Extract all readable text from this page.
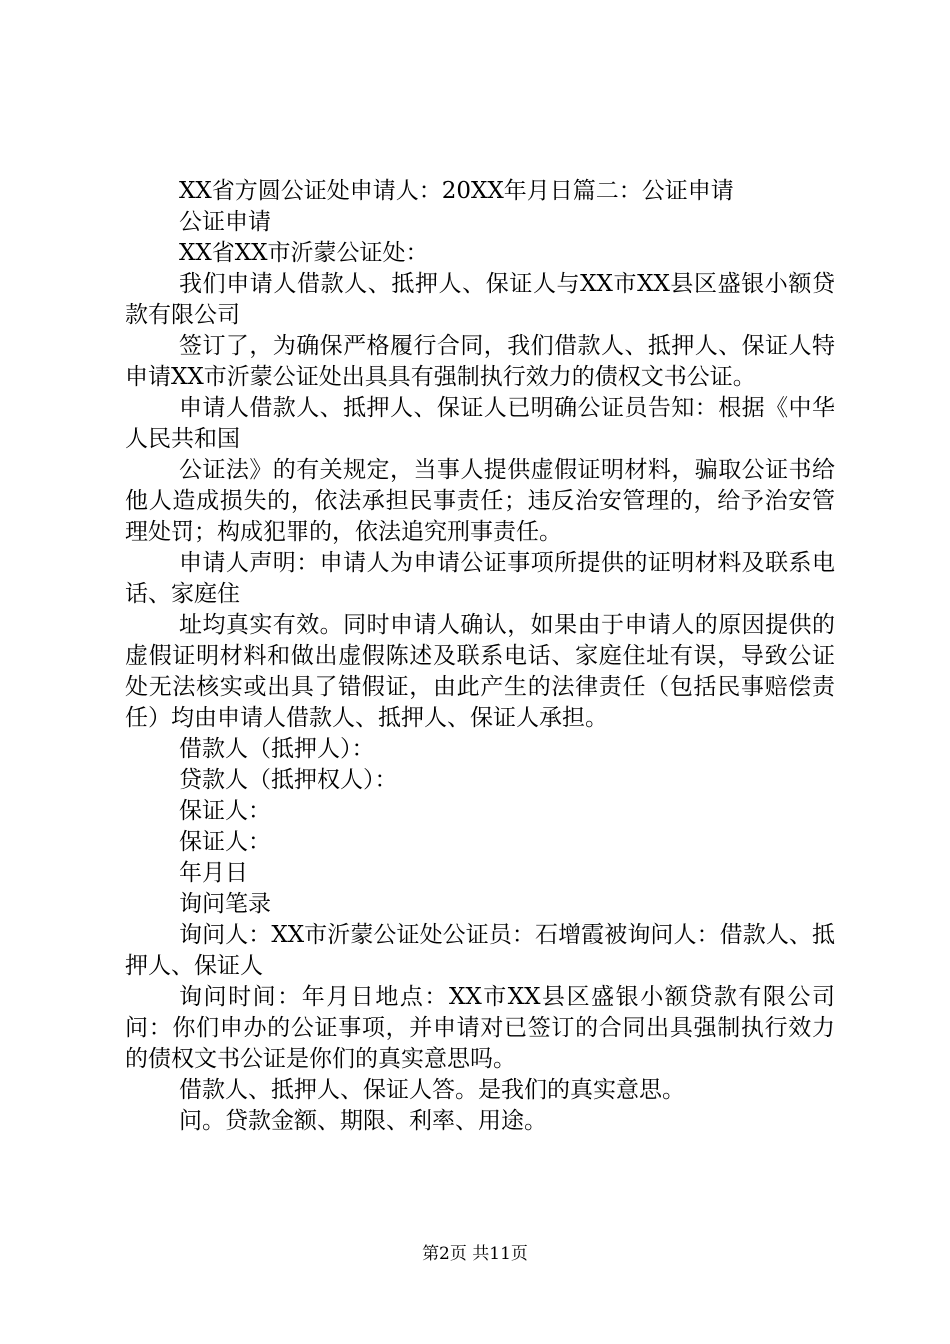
XX省方圆公证处申请人：20XX年月日篇二：公证申请

公证申请

XX省XX市沂蒙公证处：

我们申请人借款人、抵押人、保证人与XX市XX县区盛银小额贷款有限公司

签订了，为确保严格履行合同，我们借款人、抵押人、保证人特申请XX市沂蒙公证处出具具有强制执行效力的债权文书公证。

申请人借款人、抵押人、保证人已明确公证员告知：根据《中华人民共和国

公证法》的有关规定，当事人提供虚假证明材料，骗取公证书给他人造成损失的，依法承担民事责任；违反治安管理的，给予治安管理处罚；构成犯罪的，依法追究刑事责任。

申请人声明：申请人为申请公证事项所提供的证明材料及联系电话、家庭住

址均真实有效。同时申请人确认，如果由于申请人的原因提供的虚假证明材料和做出虚假陈述及联系电话、家庭住址有误，导致公证处无法核实或出具了错假证，由此产生的法律责任（包括民事赔偿责任）均由申请人借款人、抵押人、保证人承担。

借款人（抵押人）：

贷款人（抵押权人）：

保证人：

保证人：

年月日

询问笔录

询问人：XX市沂蒙公证处公证员：石增霞被询问人：借款人、抵押人、保证人

询问时间：年月日地点：XX市XX县区盛银小额贷款有限公司问：你们申办的公证事项，并申请对已签订的合同出具强制执行效力的债权文书公证是你们的真实意思吗。

借款人、抵押人、保证人答。是我们的真实意思。

问。贷款金额、期限、利率、用途。

第2页 共11页
